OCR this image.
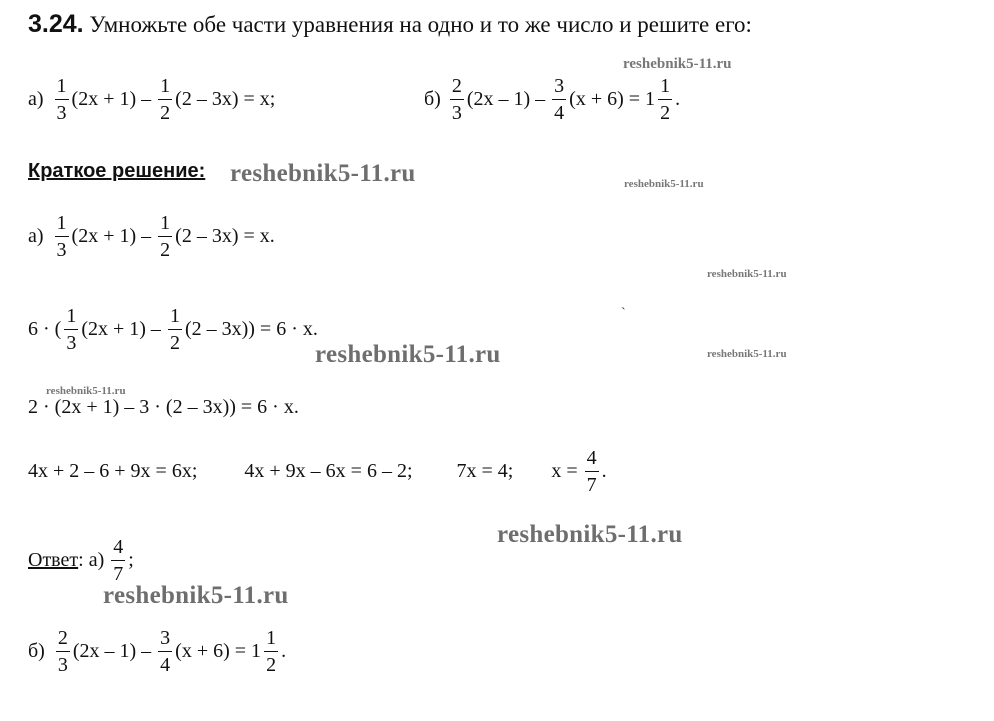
3.24. Умножьте обе части уравнения на одно и то же число и решите его:
$а) \frac{1}{3} (2x + 1) - \frac{1}{2} (2 - 3x) = x$;	$б) \frac{2}{3} (2x - 1) - \frac{3}{4} (x + 6) = 1 \frac{1}{2}$ .
Краткое решение:
$а) \frac{1}{3} (2x + 1) - \frac{1}{2} (2 - 3x) = x$.
6 · ( $\frac{1}{3} (2x + 1) - \frac{1}{2} (2 - 3x)) = 6 \cdot x$.
2 · (2x + 1) – 3 · (2 – 3x)) = 6 · x.
4x + 2 – 6 + 9x = 6x; 4x + 9x – 6x = 6 – 2; 7x = 4; $x = \frac{4}{7}$ .
Ответ : $а) \frac{4}{7}$ ;
$б) \frac{2}{3} (2x - 1) - \frac{3}{4} (x + 6) = 1 \frac{1}{2}$ .
reshebnik5-11.ru
reshebnik5-11.ru	reshebnik5-11.ru
reshebnik5-11.ru
reshebnik5-11.ru	reshebnik5-11.ru
reshebnik5-11.ru
reshebnik5-11.ru
reshebnik5-11.ru
`
